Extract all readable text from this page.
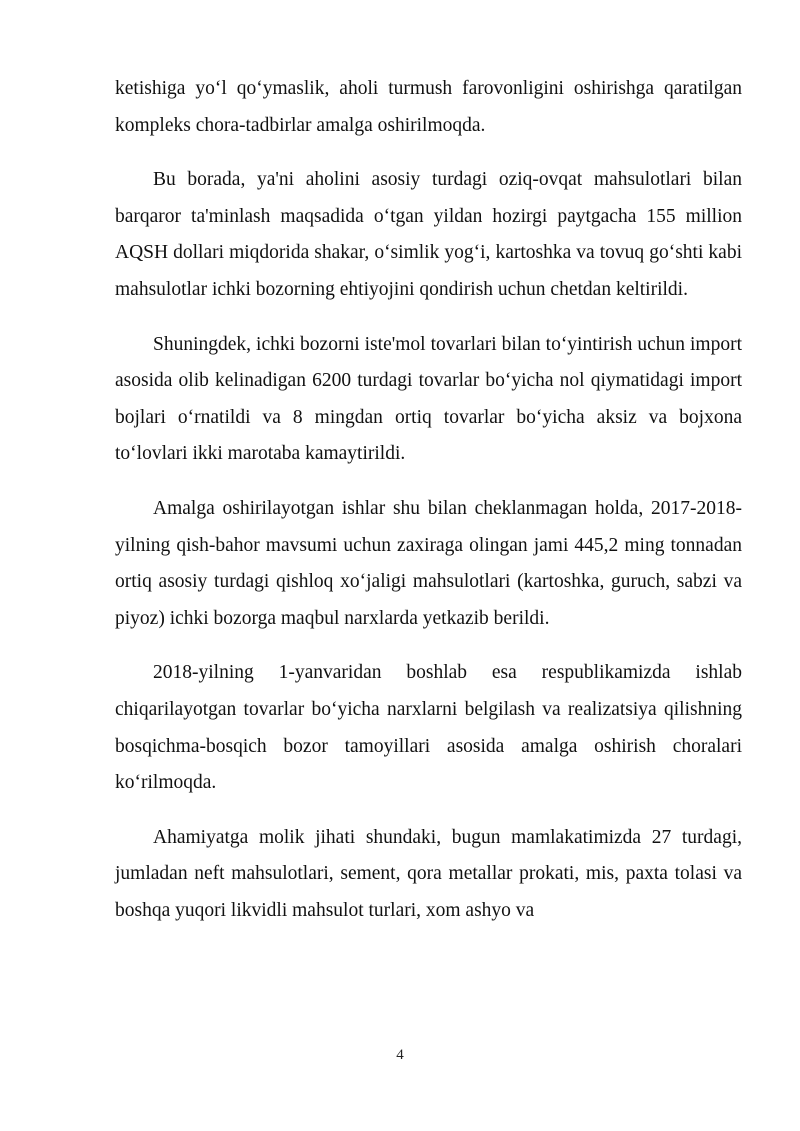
ketishiga yo‘l qo‘ymaslik, aholi turmush farovonligini oshirishga qaratilgan kompleks chora-tadbirlar amalga oshirilmoqda.

Bu borada, ya'ni aholini asosiy turdagi oziq-ovqat mahsulotlari bilan barqaror ta'minlash maqsadida o‘tgan yildan hozirgi paytgacha 155 million AQSH dollari miqdorida shakar, o‘simlik yog‘i, kartoshka va tovuq go‘shti kabi mahsulotlar ichki bozorning ehtiyojini qondirish uchun chetdan keltirildi.

Shuningdek, ichki bozorni iste'mol tovarlari bilan to‘yintirish uchun import asosida olib kelinadigan 6200 turdagi tovarlar bo‘yicha nol qiymatidagi import bojlari o‘rnatildi va 8 mingdan ortiq tovarlar bo‘yicha aksiz va bojxona to‘lovlari ikki marotaba kamaytirildi.

Amalga oshirilayotgan ishlar shu bilan cheklanmagan holda, 2017-2018-yilning qish-bahor mavsumi uchun zaxiraga olingan jami 445,2 ming tonnadan ortiq asosiy turdagi qishloq xo‘jaligi mahsulotlari (kartoshka, guruch, sabzi va piyoz) ichki bozorga maqbul narxlarda yetkazib berildi.

2018-yilning 1-yanvaridan boshlab esa respublikamizda ishlab chiqarilayotgan tovarlar bo‘yicha narxlarni belgilash va realizatsiya qilishning bosqichma-bosqich bozor tamoyillari asosida amalga oshirish choralari ko‘rilmoqda.

Ahamiyatga molik jihati shundaki, bugun mamlakatimizda 27 turdagi, jumladan neft mahsulotlari, sement, qora metallar prokati, mis, paxta tolasi va boshqa yuqori likvidli mahsulot turlari, xom ashyo va

4
